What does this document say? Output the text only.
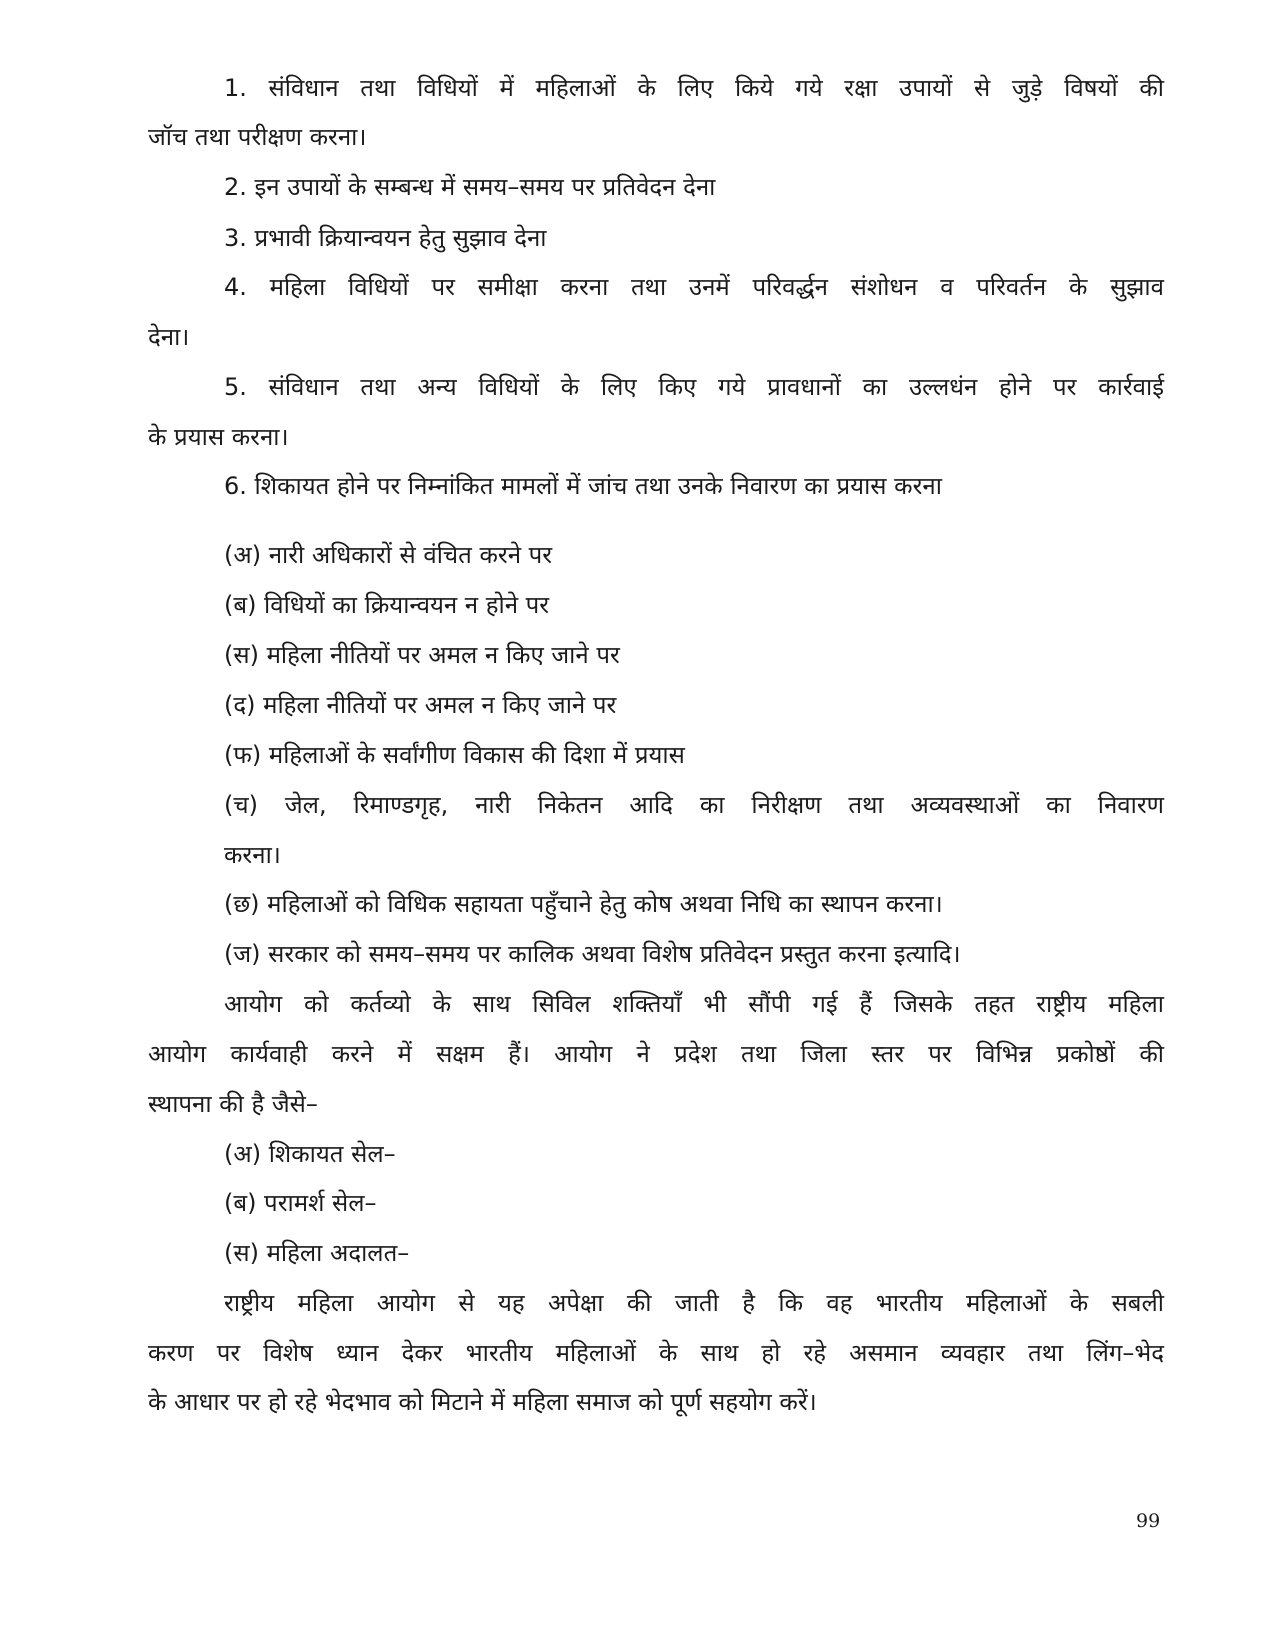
1. संविधान तथा विधियों में महिलाओं के लिए किये गये रक्षा उपायों से जुड़े विषयों की

जॉच तथा परीक्षण करना।

2. इन उपायों के सम्बन्ध में समय–समय पर प्रतिवेदन देना

3. प्रभावी क्रियान्वयन हेतु सुझाव देना

4. महिला विधियों पर समीक्षा करना तथा उनमें परिवर्द्धन संशोधन व परिवर्तन के सुझाव

देना।

5. संविधान तथा अन्य विधियों के लिए किए गये प्रावधानों का उल्लधंन होने पर कार्रवाई

के प्रयास करना।

6. शिकायत होने पर निम्नांकित मामलों में जांच तथा उनके निवारण का प्रयास करना

(अ) नारी अधिकारों से वंचित करने पर

(ब) विधियों का क्रियान्वयन न होने पर

(स) महिला नीतियों पर अमल न किए जाने पर

(द) महिला नीतियों पर अमल न किए जाने पर

(फ) महिलाओं के सर्वांगीण विकास की दिशा में प्रयास

(च) जेल, रिमाण्डगृह, नारी निकेतन आदि का निरीक्षण तथा अव्यवस्थाओं का निवारण

करना।

(छ) महिलाओं को विधिक सहायता पहुँचाने हेतु कोष अथवा निधि का स्थापन करना।

(ज) सरकार को समय–समय पर कालिक अथवा विशेष प्रतिवेदन प्रस्तुत करना इत्यादि।

आयोग को कर्तव्यो के साथ सिविल शक्तियाँ भी सौंपी गई हैं जिसके तहत राष्ट्रीय महिला

आयोग कार्यवाही करने में सक्षम हैं। आयोग ने प्रदेश तथा जिला स्तर पर विभिन्न प्रकोष्ठों की

स्थापना की है जैसे–

(अ) शिकायत सेल–

(ब) परामर्श सेल–

(स) महिला अदालत–

राष्ट्रीय महिला आयोग से यह अपेक्षा की जाती है कि वह भारतीय महिलाओं के सबली

करण पर विशेष ध्यान देकर भारतीय महिलाओं के साथ हो रहे असमान व्यवहार तथा लिंग–भेद

के आधार पर हो रहे भेदभाव को मिटाने में महिला समाज को पूर्ण सहयोग करें।

99
